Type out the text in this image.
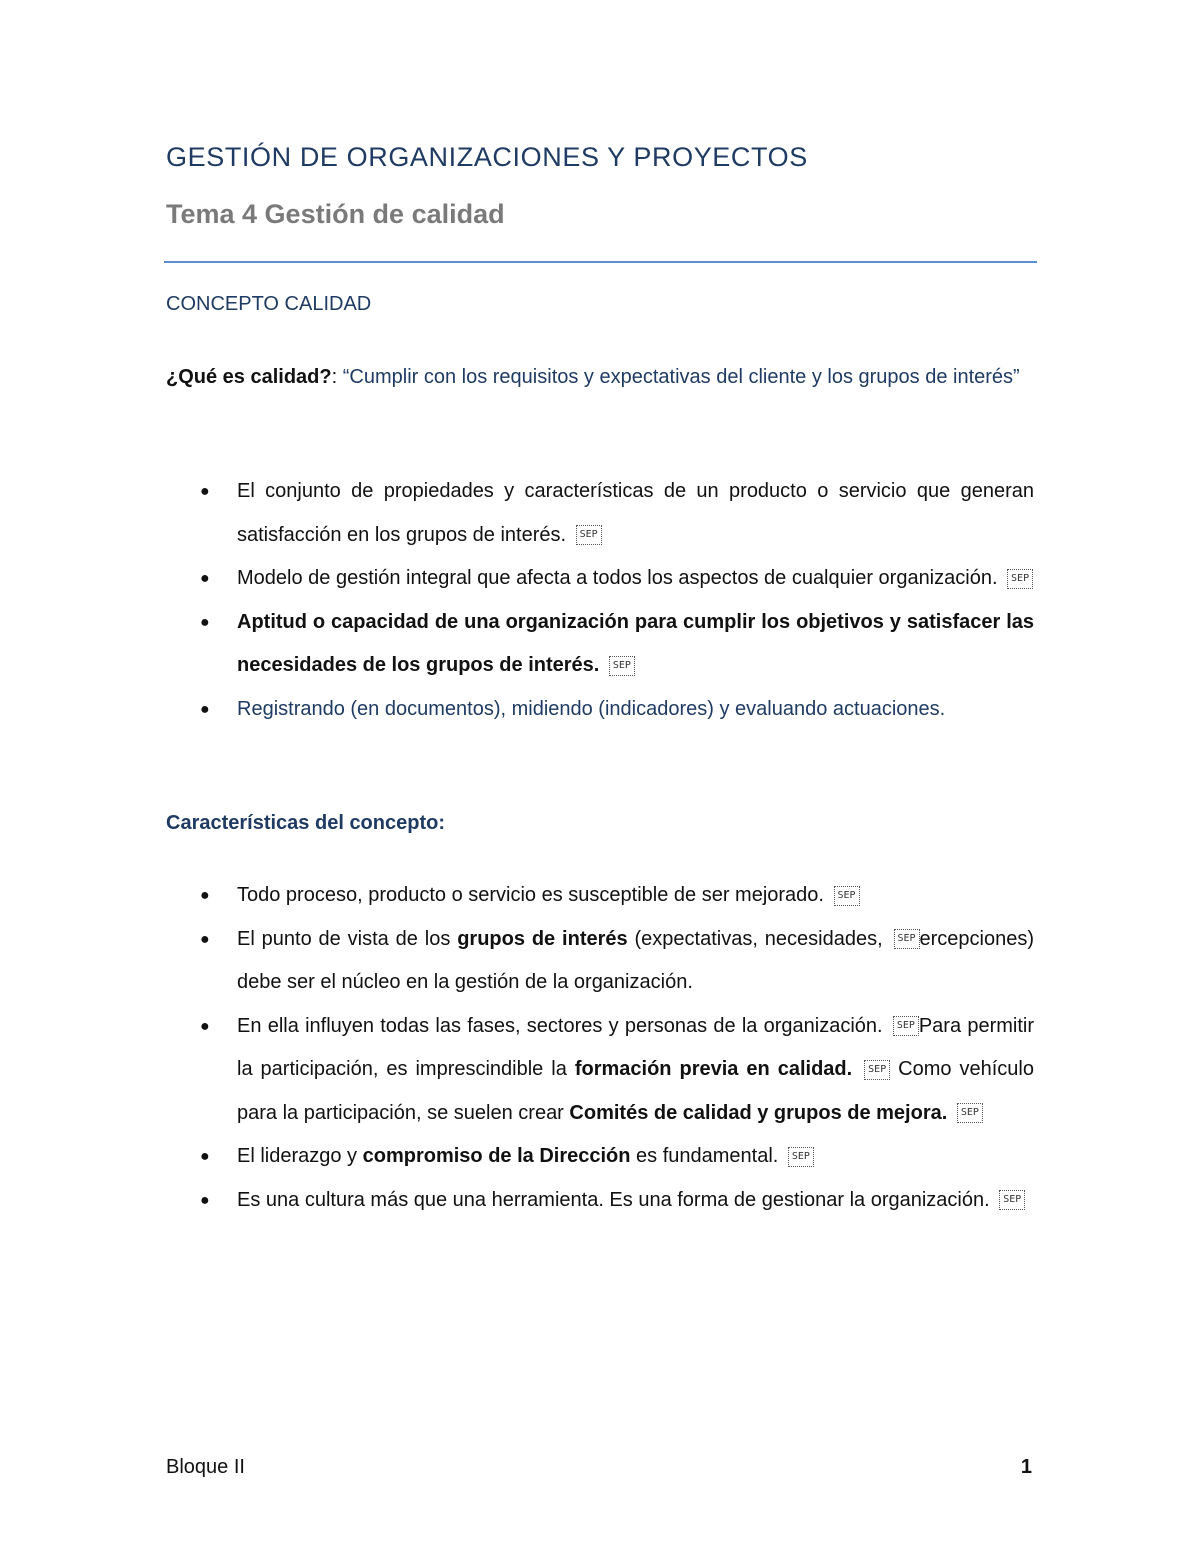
GESTIÓN DE ORGANIZACIONES Y PROYECTOS
Tema 4 Gestión de calidad
CONCEPTO CALIDAD
¿Qué es calidad?: “Cumplir con los requisitos y expectativas del cliente y los grupos de interés”
●	El conjunto de propiedades y características de un producto o servicio que generan satisfacción en los grupos de interés. SEP
●	Modelo de gestión integral que afecta a todos los aspectos de cualquier organización. SEP
●	Aptitud o capacidad de una organización para cumplir los objetivos y satisfacer las necesidades de los grupos de interés. SEP
●	Registrando (en documentos), midiendo (indicadores) y evaluando actuaciones.
Características del concepto:
●	Todo proceso, producto o servicio es susceptible de ser mejorado. SEP
●	El punto de vista de los grupos de interés (expectativas, necesidades, SEP ercepciones) debe ser el núcleo en la gestión de la organización.
●	En ella influyen todas las fases, sectores y personas de la organización. SEP Para permitir la participación, es imprescindible la formación previa en calidad. SEP Como vehículo para la participación, se suelen crear Comités de calidad y grupos de mejora. SEP
●	El liderazgo y compromiso de la Dirección es fundamental. SEP
●	Es una cultura más que una herramienta. Es una forma de gestionar la organización. SEP
Bloque II	1
